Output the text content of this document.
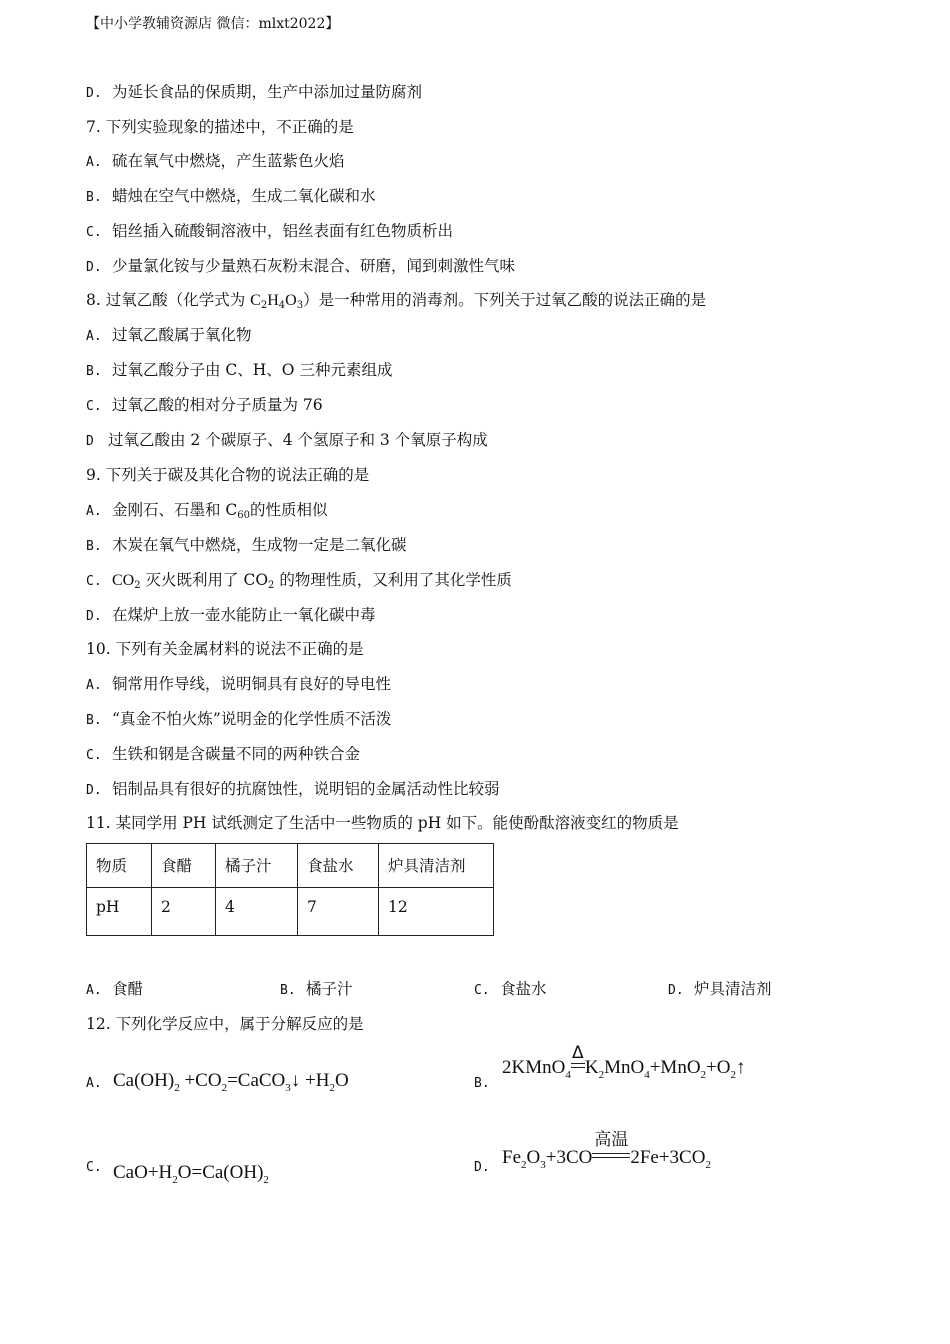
【中小学教辅资源店 微信：mlxt2022】
D. 为延长食品的保质期，生产中添加过量防腐剂
7. 下列实验现象的描述中，不正确的是
A. 硫在氧气中燃烧，产生蓝紫色火焰
B. 蜡烛在空气中燃烧，生成二氧化碳和水
C. 铝丝插入硫酸铜溶液中，铝丝表面有红色物质析出
D. 少量氯化铵与少量熟石灰粉末混合、研磨，闻到刺激性气味
8. 过氧乙酸（化学式为 $C_2H_4O_3$）是一种常用的消毒剂。下列关于过氧乙酸的说法正确的是
A. 过氧乙酸属于氧化物
B. 过氧乙酸分子由 C、H、O 三种元素组成
C. 过氧乙酸的相对分子质量为 76
D 过氧乙酸由 2 个碳原子、4 个氢原子和 3 个氧原子构成
9. 下列关于碳及其化合物的说法正确的是
A. 金刚石、石墨和 $C_{60}$的性质相似
B. 木炭在氧气中燃烧，生成物一定是二氧化碳
C. $CO_2$ 灭火既利用了 $CO_2$ 的物理性质，又利用了其化学性质
D. 在煤炉上放一壶水能防止一氧化碳中毒
10. 下列有关金属材料的说法不正确的是
A. 铜常用作导线，说明铜具有良好的导电性
B. “真金不怕火炼”说明金的化学性质不活泼
C. 生铁和钢是含碳量不同的两种铁合金
D. 铝制品具有很好的抗腐蚀性，说明铝的金属活动性比较弱
11. 某同学用 PH 试纸测定了生活中一些物质的 pH 如下。能使酚酞溶液变红的物质是
物质	食醋	橘子汁	食盐水	炉具清洁剂
pH	2	4	7	12
A. 食醋	B. 橘子汁	C. 食盐水	D. 炉具清洁剂
12. 下列化学反应中，属于分解反应的是
A. $Ca(OH)_2$ $+CO_2=CaCO_3↓ +H_2O$	B.
2KMnO$_4$
Δ
$K_2MnO_4+MnO_2+O_2↑$
C. $CaO+H_2O=Ca(OH)_2$
D. $Fe_2O_3+3CO$
高温
$2Fe+3CO_2$
